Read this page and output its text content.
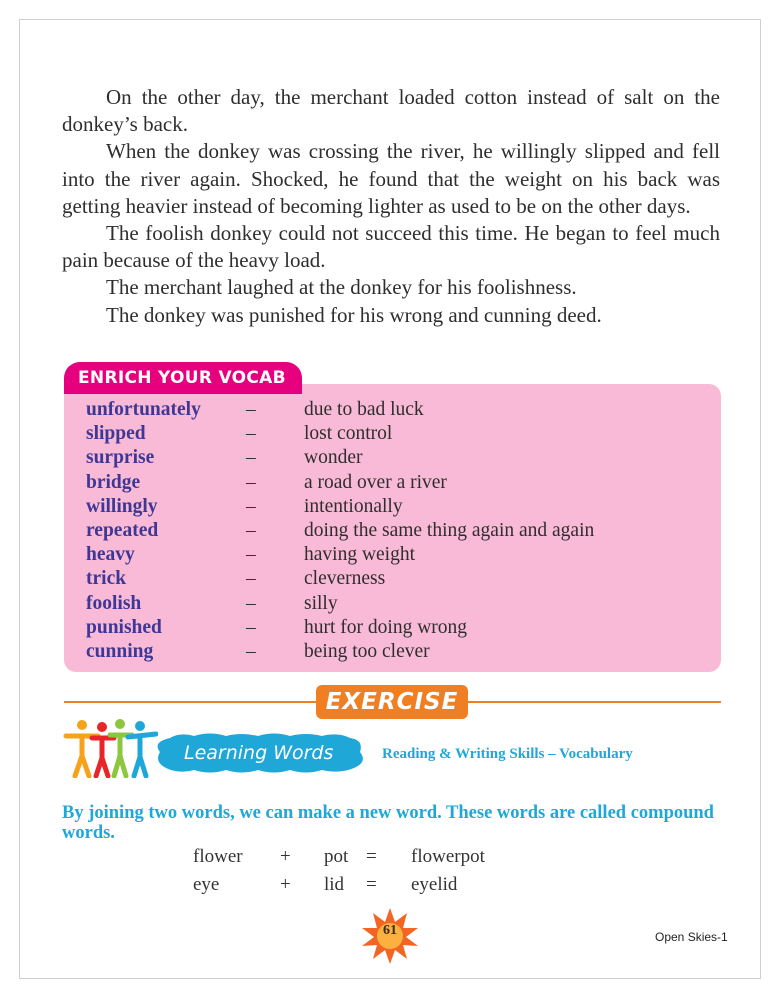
On the other day, the merchant loaded cotton instead of salt on the donkey’s back.

When the donkey was crossing the river, he willingly slipped and fell into the river again. Shocked, he found that the weight on his back was getting heavier instead of becoming lighter as used to be on the other days.

The foolish donkey could not succeed this time. He began to feel much pain because of the heavy load.

The merchant laughed at the donkey for his foolishness.

The donkey was punished for his wrong and cunning deed.

ENRICH YOUR VOCAB
unfortunately – due to bad luck
slipped	– lost control
surprise	– wonder
bridge	– a road over a river
willingly	– intentionally
repeated	– doing the same thing again and again
heavy	– having weight
trick	– cleverness
foolish	– silly
punished	– hurt for doing wrong
cunning	– being too clever
EXERCISE
Learning Words	Reading & Writing Skills – Vocabulary
By joining two words, we can make a new word. These words are called compound words.
flower + pot = flowerpot
eye	+ lid = eyelid
61	Open Skies-1
